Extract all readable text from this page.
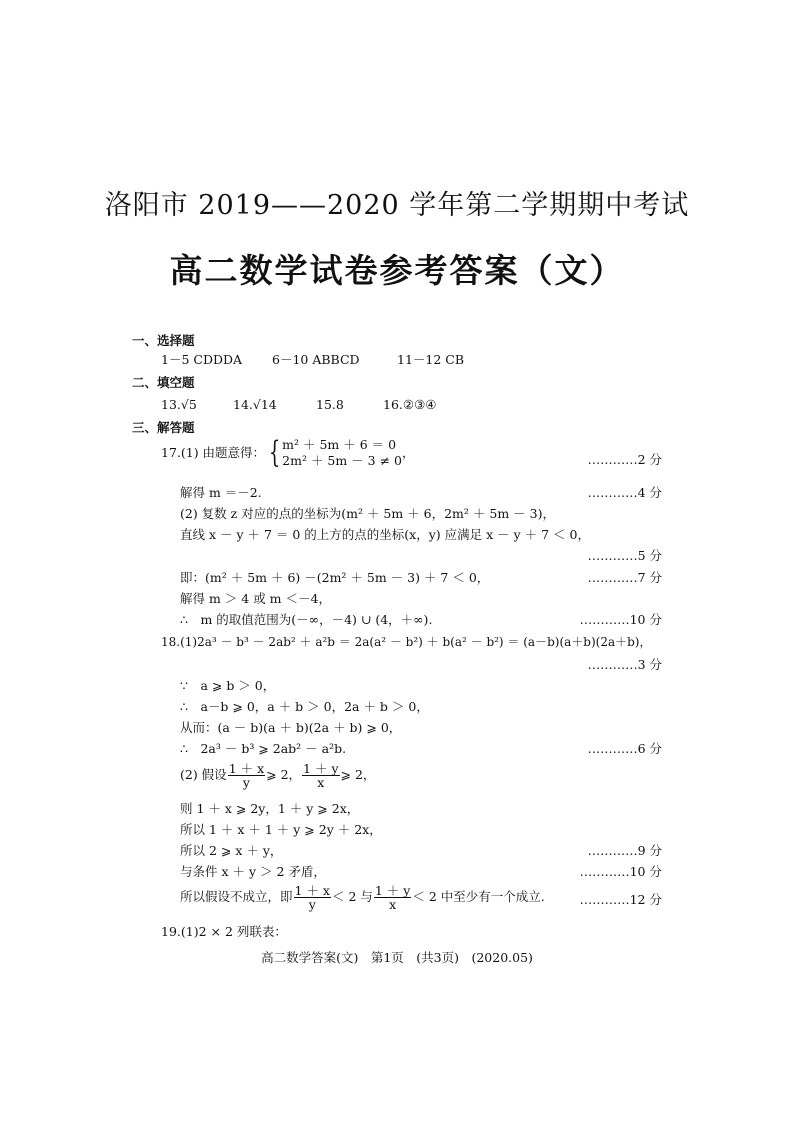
洛阳市 2019——2020 学年第二学期期中考试
高二数学试卷参考答案（文）
一、选择题
1－5 CDDDA 6－10 ABBCD	11－12 CB
二、填空题
13.√5	14.√14	15.8	16.②③④
三、解答题
17.(1) 由题意得： { m² ＋ 5m ＋ 6 ＝ 0
2m² ＋ 5m － 3 ≠ 0
，	…………2 分
解得 m ＝－2.	…………4 分
(2) 复数 z 对应的点的坐标为(m² ＋ 5m ＋ 6，2m² ＋ 5m － 3)，
直线 x － y ＋ 7 ＝ 0 的上方的点的坐标(x，y) 应满足 x － y ＋ 7 ＜ 0，
…………5 分
即：(m² ＋ 5m ＋ 6) －(2m² ＋ 5m － 3) ＋ 7 ＜ 0，	…………7 分
解得 m ＞ 4 或 m ＜－4，
∴　m 的取值范围为(－∞，－4) ∪ (4，＋∞).	…………10 分
18.(1)2a³ － b³ － 2ab² ＋ a²b ＝ 2a(a² － b²) ＋ b(a² － b²) ＝ (a－b)(a＋b)(2a＋b)，
…………3 分
∵　a ⩾ b ＞ 0，
∴　a－b ⩾ 0，a ＋ b ＞ 0，2a ＋ b ＞ 0，
从而：(a － b)(a ＋ b)(2a ＋ b) ⩾ 0，
∴　2a³ － b³ ⩾ 2ab² － a²b.	…………6 分
(2) 假设 $\frac{1 + x}{y}$ ⩾ 2， $\frac{1 + y}{x}$ ⩾ 2，
则 1 ＋ x ⩾ 2y，1 ＋ y ⩾ 2x，
所以 1 ＋ x ＋ 1 ＋ y ⩾ 2y ＋ 2x，
所以 2 ⩾ x ＋ y，	…………9 分
与条件 x ＋ y ＞ 2 矛盾，	…………10 分
所以假设不成立，即 $\frac{1 + x}{y} < 2$ 与 $\frac{1 + y}{x} < 2$ 中至少有一个成立.	…………12 分
19.(1)2 × 2 列联表：
高二数学答案(文)　第1页　(共3页)　(2020.05)
